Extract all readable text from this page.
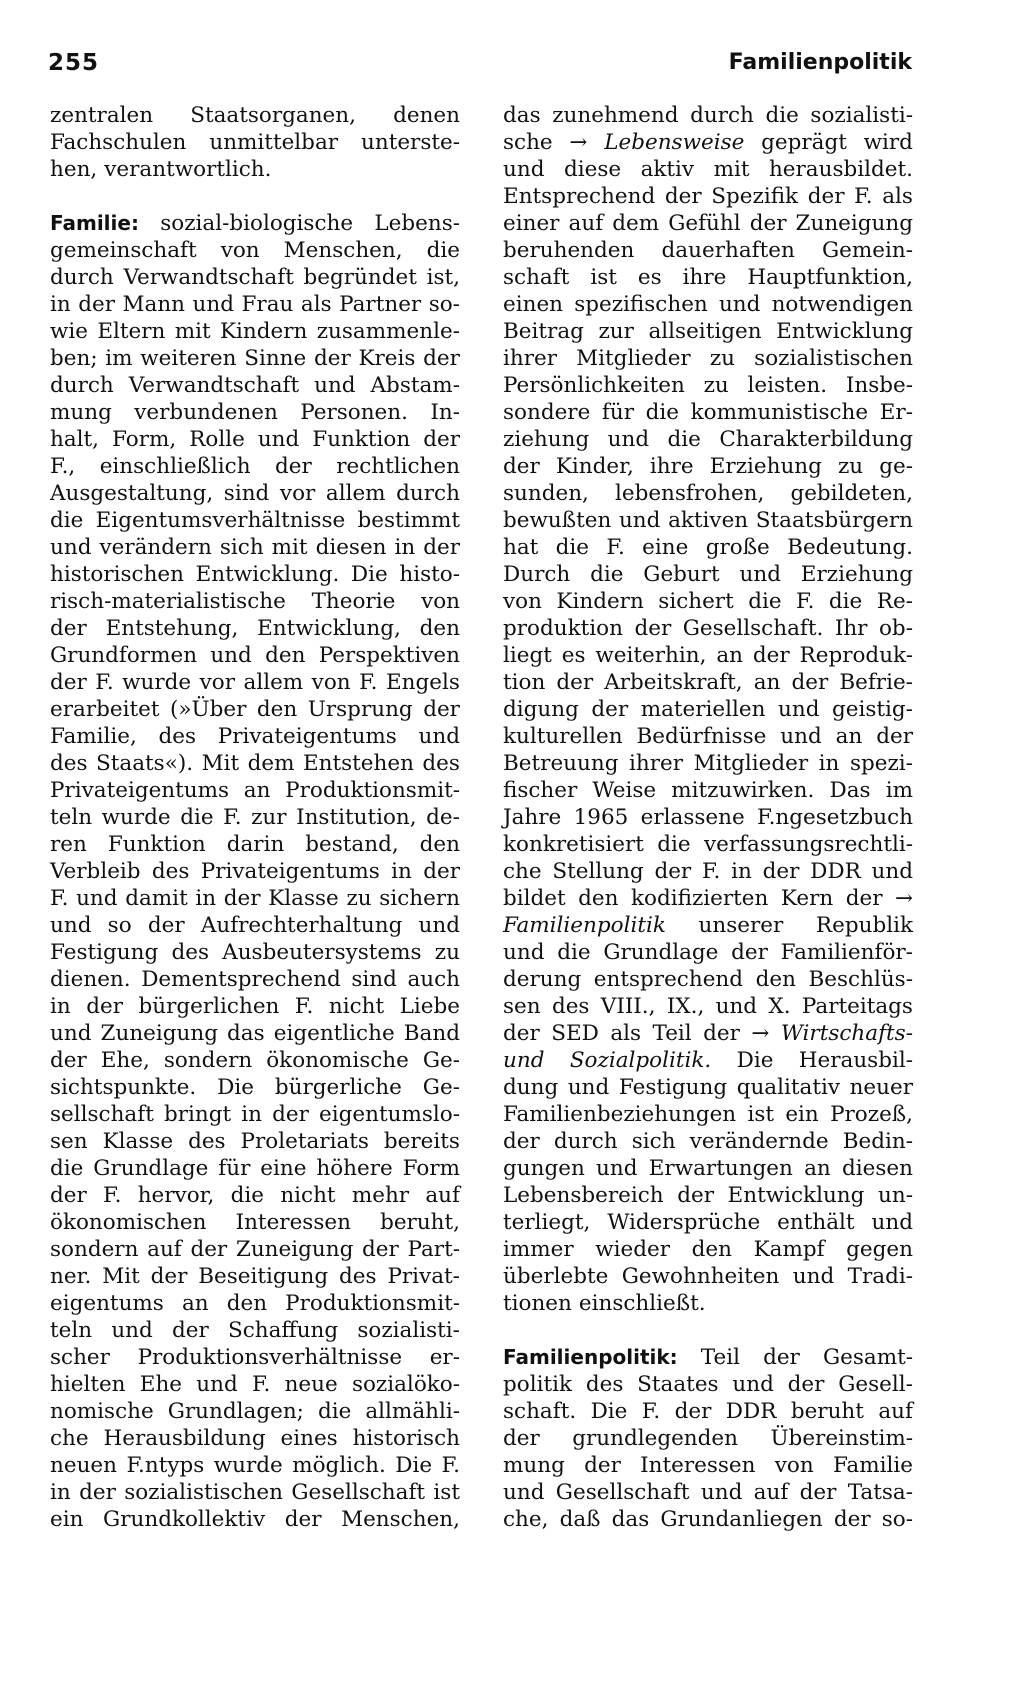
255	Familienpolitik
zentralen Staatsorganen, denen
Fachschulen unmittelbar unterste-
hen, verantwortlich.
Familie: sozial-biologische Lebens-
gemeinschaft von Menschen, die
durch Verwandtschaft begründet ist,
in der Mann und Frau als Partner so-
wie Eltern mit Kindern zusammenle-
ben; im weiteren Sinne der Kreis der
durch Verwandtschaft und Abstam-
mung verbundenen Personen. In-
halt, Form, Rolle und Funktion der
F., einschließlich der rechtlichen
Ausgestaltung, sind vor allem durch
die Eigentumsverhältnisse bestimmt
und verändern sich mit diesen in der
historischen Entwicklung. Die histo-
risch-materialistische Theorie von
der Entstehung, Entwicklung, den
Grundformen und den Perspektiven
der F. wurde vor allem von F. Engels
erarbeitet (»Über den Ursprung der
Familie, des Privateigentums und
des Staats«). Mit dem Entstehen des
Privateigentums an Produktionsmit-
teln wurde die F. zur Institution, de-
ren Funktion darin bestand, den
Verbleib des Privateigentums in der
F. und damit in der Klasse zu sichern
und so der Aufrechterhaltung und
Festigung des Ausbeutersystems zu
dienen. Dementsprechend sind auch
in der bürgerlichen F. nicht Liebe
und Zuneigung das eigentliche Band
der Ehe, sondern ökonomische Ge-
sichtspunkte. Die bürgerliche Ge-
sellschaft bringt in der eigentumslo-
sen Klasse des Proletariats bereits
die Grundlage für eine höhere Form
der F. hervor, die nicht mehr auf
ökonomischen Interessen beruht,
sondern auf der Zuneigung der Part-
ner. Mit der Beseitigung des Privat-
eigentums an den Produktionsmit-
teln und der Schaffung sozialisti-
scher Produktionsverhältnisse er-
hielten Ehe und F. neue sozialöko-
nomische Grundlagen; die allmähli-
che Herausbildung eines historisch
neuen F.ntyps wurde möglich. Die F.
in der sozialistischen Gesellschaft ist
ein Grundkollektiv der Menschen,
das zunehmend durch die sozialisti-
sche → Lebensweise geprägt wird
und diese aktiv mit herausbildet.
Entsprechend der Spezifik der F. als
einer auf dem Gefühl der Zuneigung
beruhenden dauerhaften Gemein-
schaft ist es ihre Hauptfunktion,
einen spezifischen und notwendigen
Beitrag zur allseitigen Entwicklung
ihrer Mitglieder zu sozialistischen
Persönlichkeiten zu leisten. Insbe-
sondere für die kommunistische Er-
ziehung und die Charakterbildung
der Kinder, ihre Erziehung zu ge-
sunden, lebensfrohen, gebildeten,
bewußten und aktiven Staatsbürgern
hat die F. eine große Bedeutung.
Durch die Geburt und Erziehung
von Kindern sichert die F. die Re-
produktion der Gesellschaft. Ihr ob-
liegt es weiterhin, an der Reproduk-
tion der Arbeitskraft, an der Befrie-
digung der materiellen und geistig-
kulturellen Bedürfnisse und an der
Betreuung ihrer Mitglieder in spezi-
fischer Weise mitzuwirken. Das im
Jahre 1965 erlassene F.ngesetzbuch
konkretisiert die verfassungsrechtli-
che Stellung der F. in der DDR und
bildet den kodifizierten Kern der →
Familienpolitik unserer Republik
und die Grundlage der Familienför-
derung entsprechend den Beschlüs-
sen des VIII., IX., und X. Parteitags
der SED als Teil der → Wirtschafts-
und Sozialpolitik. Die Herausbil-
dung und Festigung qualitativ neuer
Familienbeziehungen ist ein Prozeß,
der durch sich verändernde Bedin-
gungen und Erwartungen an diesen
Lebensbereich der Entwicklung un-
terliegt, Widersprüche enthält und
immer wieder den Kampf gegen
überlebte Gewohnheiten und Tradi-
tionen einschließt.
Familienpolitik: Teil der Gesamt-
politik des Staates und der Gesell-
schaft. Die F. der DDR beruht auf
der grundlegenden Übereinstim-
mung der Interessen von Familie
und Gesellschaft und auf der Tatsa-
che, daß das Grundanliegen der so-
